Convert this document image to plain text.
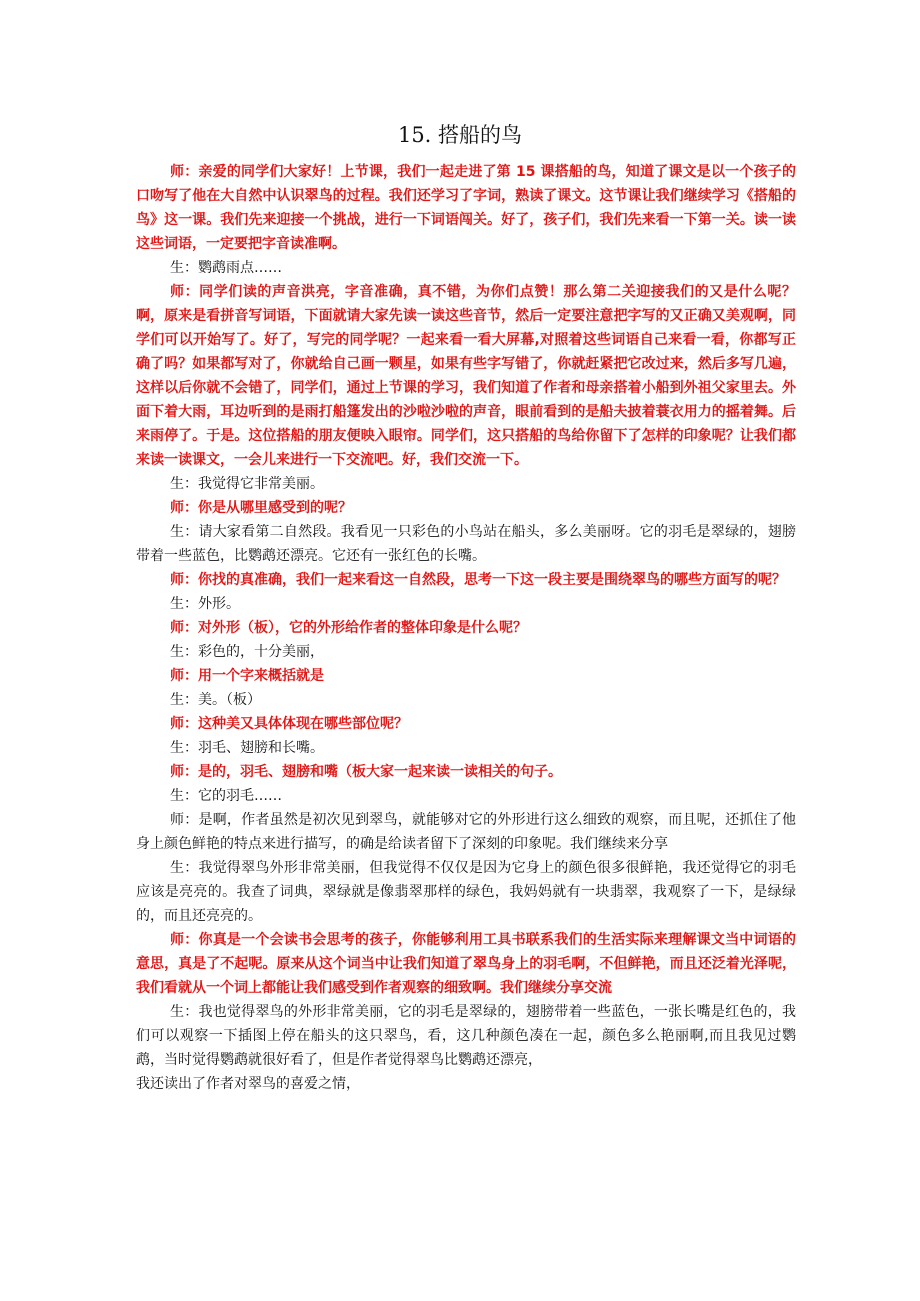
15. 搭船的鸟

师：亲爱的同学们大家好！上节课，我们一起走进了第 15 课搭船的鸟，知道了课文是以一个孩子的口吻写了他在大自然中认识翠鸟的过程。我们还学习了字词，熟读了课文。这节课让我们继续学习《搭船的鸟》这一课。我们先来迎接一个挑战，进行一下词语闯关。好了，孩子们，我们先来看一下第一关。读一读这些词语，一定要把字音读准啊。

生：鹦鹉雨点……

师：同学们读的声音洪亮，字音准确，真不错，为你们点赞！那么第二关迎接我们的又是什么呢？啊，原来是看拼音写词语，下面就请大家先读一读这些音节，然后一定要注意把字写的又正确又美观啊，同学们可以开始写了。好了，写完的同学呢？一起来看一看大屏幕,对照着这些词语自己来看一看，你都写正确了吗？如果都写对了，你就给自己画一颗星，如果有些字写错了，你就赶紧把它改过来，然后多写几遍，这样以后你就不会错了，同学们，通过上节课的学习，我们知道了作者和母亲搭着小船到外祖父家里去。外面下着大雨，耳边听到的是雨打船篷发出的沙啦沙啦的声音，眼前看到的是船夫披着蓑衣用力的摇着舞。后来雨停了。于是。这位搭船的朋友便映入眼帘。同学们，这只搭船的鸟给你留下了怎样的印象呢？让我们都来读一读课文，一会儿来进行一下交流吧。好，我们交流一下。

生：我觉得它非常美丽。

师：你是从哪里感受到的呢？

生：请大家看第二自然段。我看见一只彩色的小鸟站在船头，多么美丽呀。它的羽毛是翠绿的，翅膀带着一些蓝色，比鹦鹉还漂亮。它还有一张红色的长嘴。

师：你找的真准确，我们一起来看这一自然段，思考一下这一段主要是围绕翠鸟的哪些方面写的呢？

生：外形。

师：对外形（板），它的外形给作者的整体印象是什么呢？

生：彩色的，十分美丽，

师：用一个字来概括就是

生：美。（板）

师：这种美又具体体现在哪些部位呢？

生：羽毛、翅膀和长嘴。

师：是的，羽毛、翅膀和嘴（板大家一起来读一读相关的句子。

生：它的羽毛……

师：是啊，作者虽然是初次见到翠鸟，就能够对它的外形进行这么细致的观察，而且呢，还抓住了他身上颜色鲜艳的特点来进行描写，的确是给读者留下了深刻的印象呢。我们继续来分享

生：我觉得翠鸟外形非常美丽，但我觉得不仅仅是因为它身上的颜色很多很鲜艳，我还觉得它的羽毛应该是亮亮的。我查了词典，翠绿就是像翡翠那样的绿色，我妈妈就有一块翡翠，我观察了一下，是绿绿的，而且还亮亮的。

师：你真是一个会读书会思考的孩子，你能够利用工具书联系我们的生活实际来理解课文当中词语的意思，真是了不起呢。原来从这个词当中让我们知道了翠鸟身上的羽毛啊，不但鲜艳，而且还泛着光泽呢，我们看就从一个词上都能让我们感受到作者观察的细致啊。我们继续分享交流

生：我也觉得翠鸟的外形非常美丽，它的羽毛是翠绿的，翅膀带着一些蓝色，一张长嘴是红色的，我们可以观察一下插图上停在船头的这只翠鸟，看，这几种颜色凑在一起，颜色多么艳丽啊,而且我见过鹦鹉，当时觉得鹦鹉就很好看了，但是作者觉得翠鸟比鹦鹉还漂亮，

我还读出了作者对翠鸟的喜爱之情，
